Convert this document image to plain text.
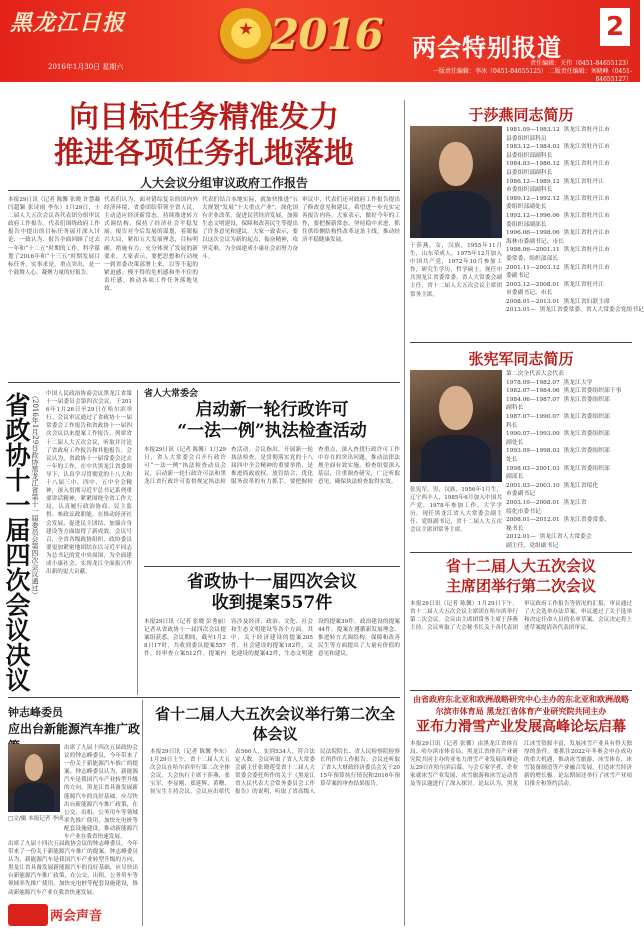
黑龙江日报
2016年1月30日 星期六
2016 两会特别报道
2
责任编辑：关伟（0451-84655123）
一版责任编辑：李冰（0451-84655125） 二版责任编辑：刘晓峰（0451-84655127）
向目标任务精准发力
推进各项任务扎地落地
人大会议分组审议政府工作报告
本报29日讯（记者 陈馨 张晓 许慧凝 闫超颖 张诗雨 李东）1月29日，十二届人大五次会议各代表团分组审议政府工作报告。代表们围绕政府工作报告中提出的目标任务展开深入讨论，一致认为，报告全面回顾了过去一年和“十二五”时期的工作，科学谋划了2016年和“十三五”时期发展目标任务，实事求是，重点突出，是一个鼓舞人心、凝聚力量的好报告。
代表们认为，面对错综复杂的国内外经济环境，省委团结带领全省人民，主动适应经济新常态，持续推进转方式调结构，保持了经济社会平稳发展。报告对今后发展的谋划，着眼振兴大局，紧扣五大发展理念，目标明确，措施有力，充分体现了发展的新要求。大家表示，要把思想和行动统一到省委决策部署上来，以等不起的紧迫感、慢不得的危机感和坐不住的责任感，推动各项工作任务落地见效。
代表们结合本地实际，就加快推进“五大规划”发展“十大重点产业”，深化国有企业改革，促进民营经济发展，加强生态文明建设，保障和改善民生等提出了许多意见和建议。大家一致表示，要以这次会议为新的起点，振奋精神，攻坚克难，为全面建成小康社会而努力奋斗。
审议中，代表们还对政府工作报告提出了修改意见和建议，希望进一步充实完善报告内容。大家表示，做好今年的工作，要把握新常态，坚持稳中求进，抓住供给侧结构性改革这条主线，推动经济平稳健康发展。
省政协十一届四次会议决议 （2016年1月29日政协黑龙江省第十一届委员会第四次会议通过） 中国人民政治协商会议黑龙江省第十一届委员会第四次会议，于2016年1月26日至29日在哈尔滨举行。会议审议通过了省政协十一届常委会工作报告和省政协十一届四次会议以来提案工作报告，列席省十二届人大五次会议，听取并讨论了省政府工作报告和其他报告。会议认为，省政协十一届常委会过去一年的工作，在中共黑龙江省委领导下，认真学习贯彻党的十八大和十八届三中、四中、五中全会精神，深入贯彻习近平总书记系列重要讲话精神，紧紧围绕全省工作大局，认真履行政治协商、民主监督、参政议政职能，在推动经济社会发展、促进民主团结、加强自身建设等方面取得了新成效。会议号召，全省各级政协组织、政协委员要更加紧密地团结在以习近平同志为总书记的党中央周围，为全面建成小康社会、实现龙江全面振兴作出新的更大贡献。
省人大常委会
启动新一轮行政许可
“一法一例”执法检查活动
本报29日讯（记者 陈馨）1月29日，省人大常委会召开行政许可“一法一例”执法检查动员会议，启动新一轮行政许可法和黑龙江省行政许可监督规定执法检查活动。会议指出，开展新一轮执法检查，是贯彻落实党的十八届四中全会精神的重要举措，是推进简政放权、放管结合、优化服务改革的有力抓手。要把握检查重点，深入查找行政许可工作中存在的突出问题，推动法律法规全面有效实施。检查组要深入基层，注重调查研究，广泛听取意见，确保执法检查取得实效。
省政协十一届四次会议
收到提案557件
本报29日讯（记者 张晓 彭秀丽）记者从省政协十一届四次会议提案组获悉，会议期间，截至1月28日17时，共收到委员提案557件，经审查立案512件。提案内容涉及经济、政治、文化、社会和生态文明建设等各个方面。其中，关于经济建设的提案205件，社会建设的提案182件，文化建设的提案42件，生态文明建设的提案39件，政治建设的提案44件。提案在遵循新发展理念、推进转方式调结构、保障和改善民生等方面提出了大量有价值的意见和建议。
钟志峰委员
应出台新能源汽车推广政
出席了九届十四次五届政协会议的钟志峰委员，今年带来了一份关于新能源汽车推广的提案。钟志峰委员认为，新能源汽车是我国汽车产业转型升级的方向，黑龙江省具备发展新能源汽车的良好基础，应尽快出台新能源汽车推广政策，在公交、出租、公务用车等领域率先推广使用，加快充电桩等配套设施建设，推动新能源汽车产业在我省快速发展。
□文/摄 本报记者 李成
出席了九届十四次五届政协会议的钟志峰委员，今年带来了一份关于新能源汽车推广的提案。钟志峰委员认为，新能源汽车是我国汽车产业转型升级的方向，黑龙江省具备发展新能源汽车的良好基础，应尽快出台新能源汽车推广政策，在公交、出租、公务用车等领域率先推广使用，加快充电桩等配套设施建设，推动新能源汽车产业在我省快速发展。
省十二届人大五次会议举行第二次全体会议
本报29日讯（记者 陈馨 李东）1月29日上午，省十二届人大五次会议在哈尔滨举行第二次全体会议。大会执行主席于莎燕、张宝军、李显刚、郑延辉、黄曙、侯宝生主持会议。会议应出席代表560人，实到534人，符合法定人数。会议听取了省人大常委会副主任张晓莲受省十二届人大常委会委托所作的关于《黑龙江省人民代表大会常务委员会工作报告》的说明，听取了省高级人民法院院长、省人民检察院检察长所作的工作报告。会议还听取了省人大财政经济委员会关于2015年预算执行情况和2016年预算草案的审查结果报告。
于莎燕同志简历
1981.09—1983.12  黑龙江省牡丹江市
县委组织部科员
1983.12—1984.03  黑龙江省牡丹江市
县委组织部副科长
1984.03—1986.12  黑龙江省牡丹江市
县委组织部副科长
1986.12—1989.12  黑龙江省牡丹江
市委组织部副科长
1989.12—1992.12  黑龙江省牡丹江市
委组织部副处长
1992.12—1996.06  黑龙江省牡丹江市
委组织部副部长
1996.06—1998.06  黑龙江省牡丹江市
海林市委副书记、市长
1998.06—2001.11  黑龙江省牡丹江市
委常委、组织部部长
2001.11—2003.12  黑龙江省牡丹江市
委副书记
2003.12—2008.01  黑龙江省牡丹江
市委副书记、市长
2008.01—2013.01  黑龙江省妇联主席
2013.01—  黑龙江省委常委、省人大常委会党组书记
于莎燕，女，汉族，1955年11月生，山东荣成人，1975年12月加入中国共产党，1972年10月参加工作，研究生学历，哲学硕士。现任中共黑龙江省委常委、省人大常委会副主任，省十二届人大五次会议主席团常务主席。
张宪军同志简历
第二次全代表大会代表
1978.09—1982.07  黑龙江大学
1982.07—1984.06  黑龙江省委组织部干事
1984.06—1987.07  黑龙江省委组织部
副科长
1987.07—1990.07  黑龙江省委组织部
科长
1990.07—1993.09  黑龙江省委组织部
副处长
1993.09—1998.03  黑龙江省委组织部
处长
1998.03—2001.03  黑龙江省委组织部
副部长
2001.03—2003.10  黑龙江省绥化
市委副书记
2003.10—2008.01  黑龙江省
绥化市委书记
2008.01—2012.01  黑龙江省委常委、
秘书长
2012.01—  黑龙江省人大常委会
副主任、党组副书记
张宪军，男，汉族，1956年1月生，辽宁西丰人，1985年6月加入中国共产党，1978年参加工作，大学学历。现任黑龙江省人大常委会副主任、党组副书记，省十二届人大五次会议主席团常务主席。
省十二届人大五次会议
主席团举行第二次会议
本报29日讯（记者 陈馨）1月29日下午，省十二届人大五次会议主席团在哈尔滨举行第二次会议。会议由主席团常务主席于莎燕主持。会议听取了大会秘书长关于各代表团审议政府工作报告等情况的汇报，审议通过了大会选举办法草案，审议通过了关于选举和决定任命人员的名单草案。会议决定将上述草案提请各代表团审议。
由省政府东北亚和欧洲战略研究中心主办的东北亚和欧洲战略
尔滨市体育局 黑龙江省体育产业研究院共同主办
亚布力滑雪产业发展高峰论坛启幕
本报29日讯（记者 张馨）由黑龙江省体育局、哈尔滨市体育局、黑龙江省体育产业研究院共同主办的亚布力滑雪产业发展高峰论坛29日在哈尔滨启幕。与会专家学者、企业家就冰雪产业发展、冰雪旅游和冰雪运动普及等议题进行了深入探讨。论坛认为，黑龙江冰雪资源丰富，发展冰雪产业具有得天独厚的条件。要抓住2022年冬奥会申办成功的重大机遇，推动冰雪旅游、冰雪体育、冰雪装备制造等产业融合发展，打造冰雪经济新的增长极。论坛期间还举行了冰雪产业项目推介和签约活动。
两会声音
